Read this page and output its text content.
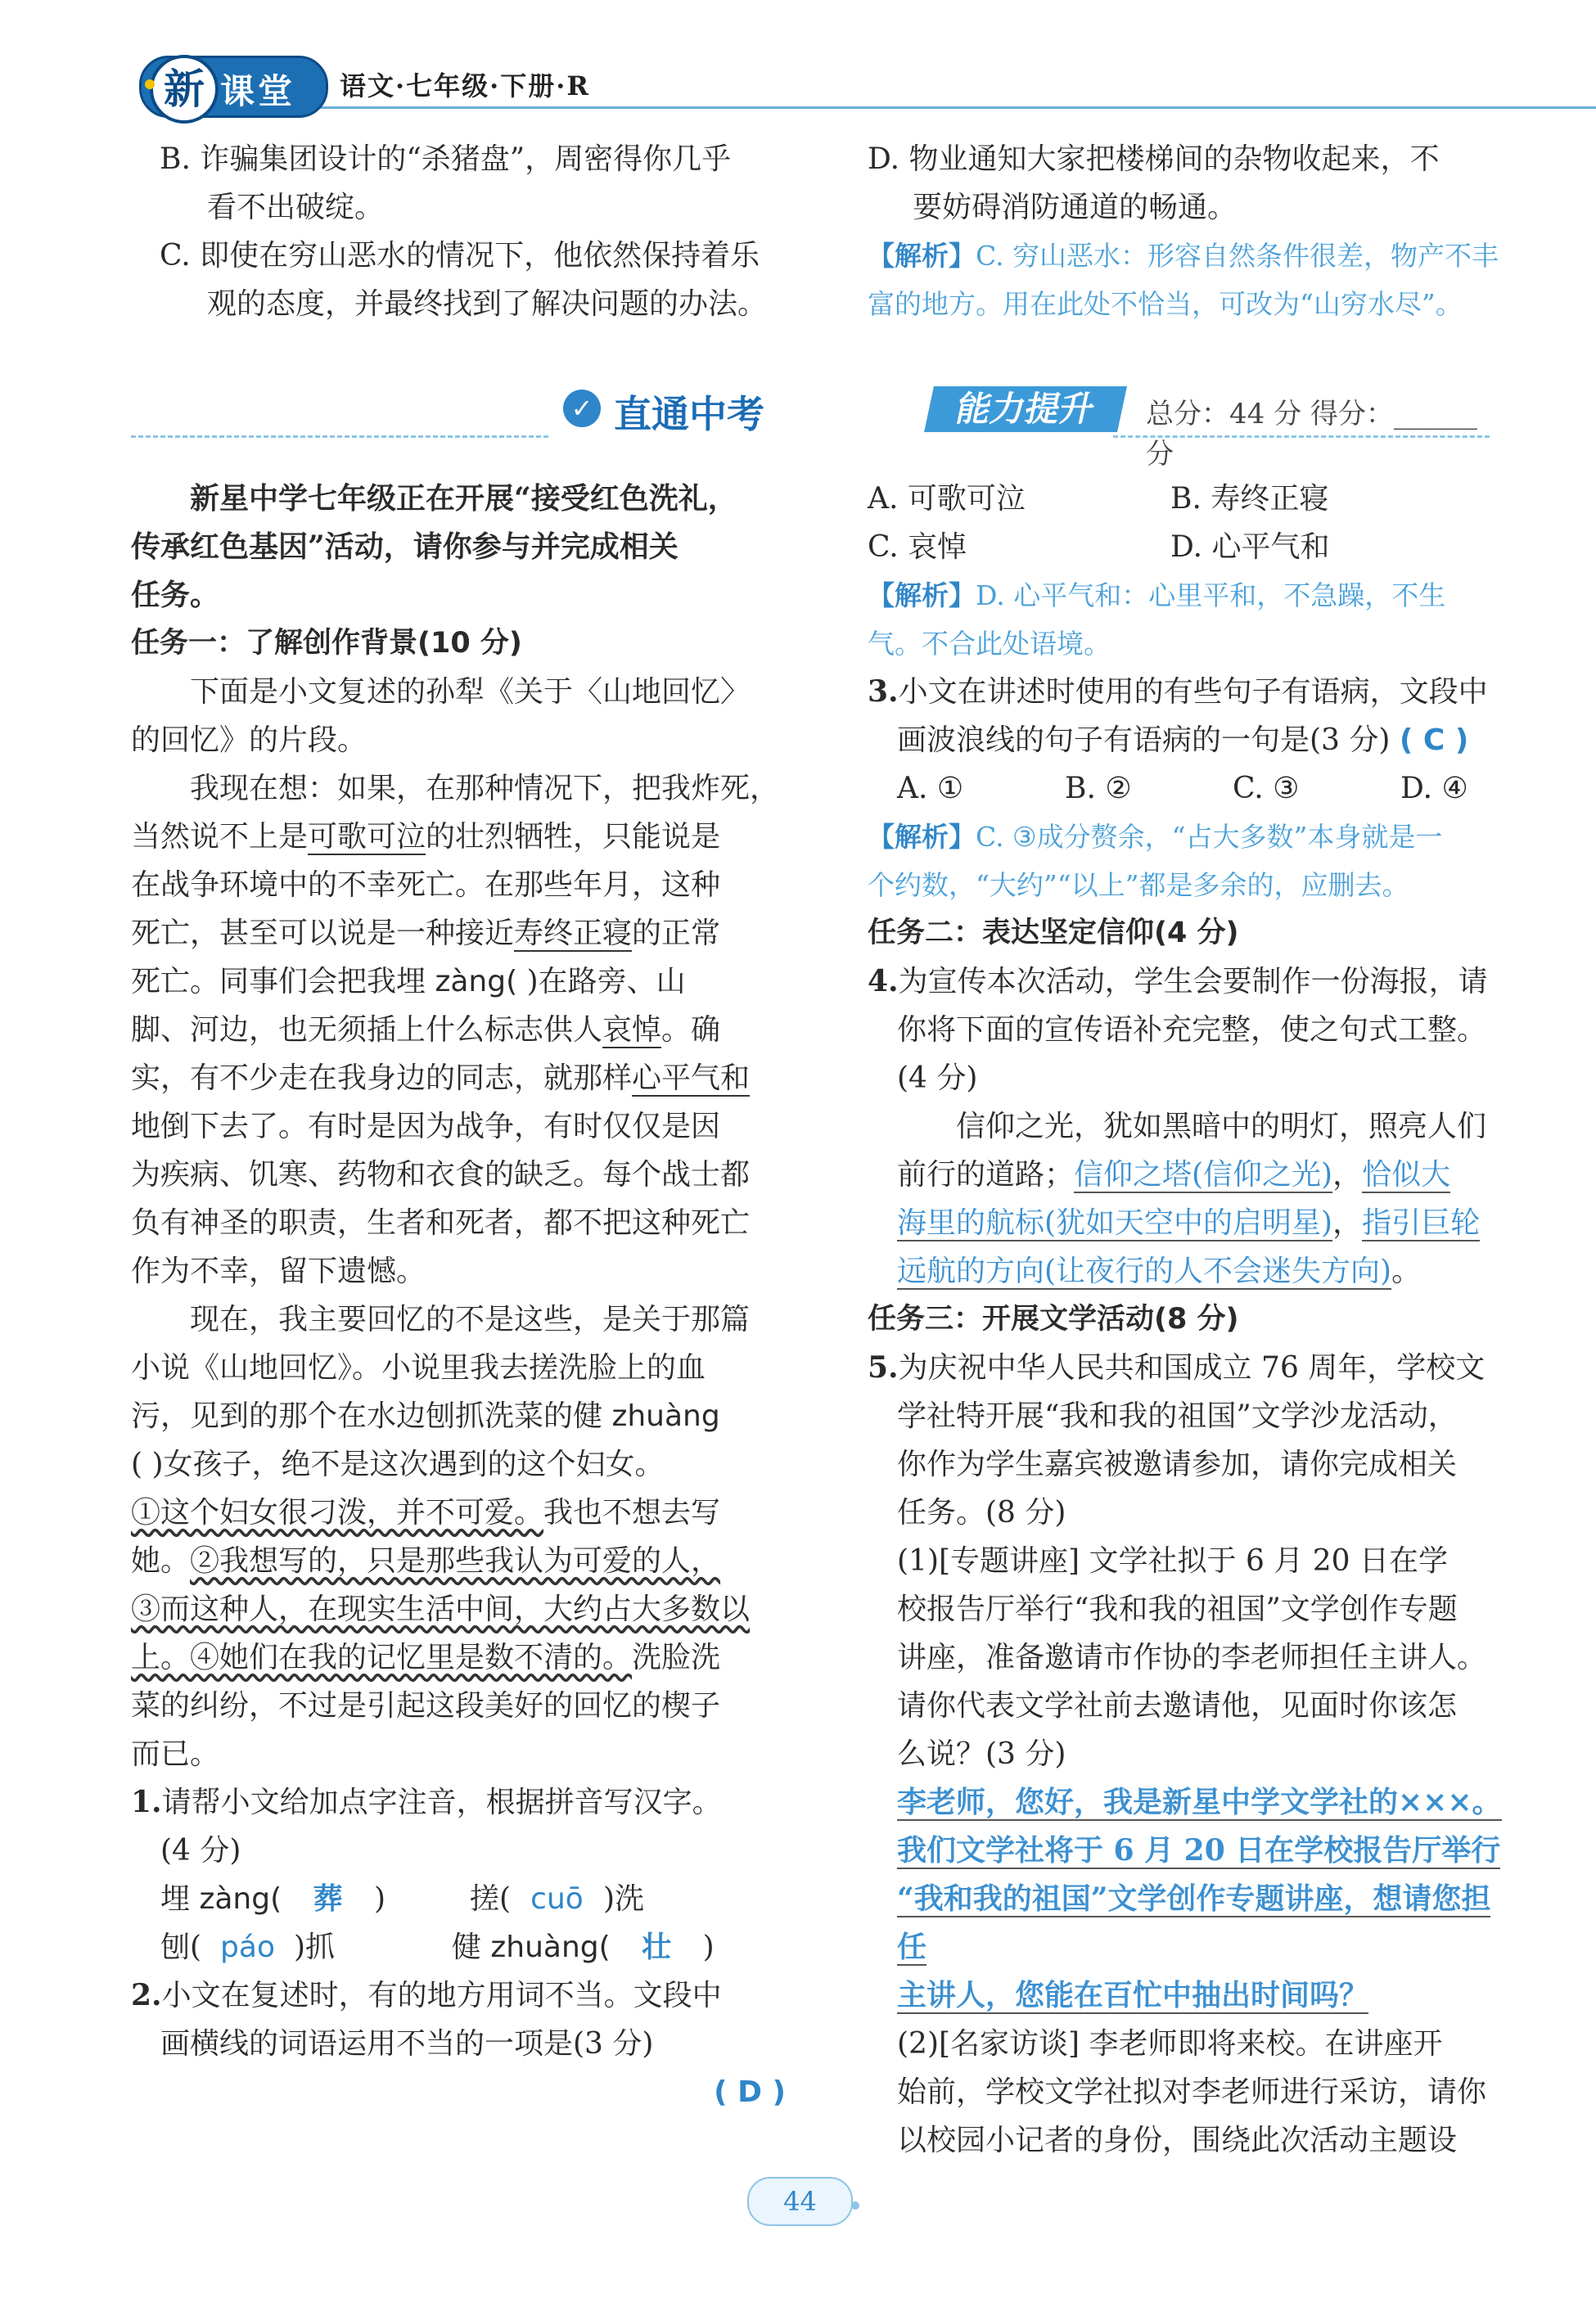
新 课堂 语文·七年级·下册·R

B. 诈骗集团设计的“杀猪盘”，周密得你几乎

看不出破绽。

C. 即使在穷山恶水的情况下，他依然保持着乐

观的态度，并最终找到了解决问题的办法。

D. 物业通知大家把楼梯间的杂物收起来，不

要妨碍消防通道的畅通。

【解析】C. 穷山恶水：形容自然条件很差，物产不丰

富的地方。用在此处不恰当，可改为“山穷水尽”。

✓ 直通中考	能力提升	总分：44 分 得分：______分

新星中学七年级正在开展“接受红色洗礼，

传承红色基因”活动，请你参与并完成相关

任务。

任务一：了解创作背景(10 分)

下面是小文复述的孙犁《关于〈山地回忆〉

的回忆》的片段。

我现在想：如果，在那种情况下，把我炸死，

当然说不上是可歌可泣的壮烈牺牲，只能说是

在战争环境中的不幸死亡。在那些年月，这种

死亡，甚至可以说是一种接近寿终正寝的正常

死亡。同事们会把我埋 zàng( )在路旁、山

脚、河边，也无须插上什么标志供人哀悼。确

实，有不少走在我身边的同志，就那样心平气和

地倒下去了。有时是因为战争，有时仅仅是因

为疾病、饥寒、药物和衣食的缺乏。每个战士都

负有神圣的职责，生者和死者，都不把这种死亡

作为不幸，留下遗憾。

现在，我主要回忆的不是这些，是关于那篇

小说《山地回忆》。小说里我去搓洗脸上的血

污，见到的那个在水边刨抓洗菜的健 zhuàng

( )女孩子，绝不是这次遇到的这个妇女。

①这个妇女很刁泼，并不可爱。我也不想去写

她。②我想写的，只是那些我认为可爱的人，

③而这种人，在现实生活中间，大约占大多数以

上。④她们在我的记忆里是数不清的。洗脸洗

菜的纠纷，不过是引起这段美好的回忆的楔子

而已。

1.请帮小文给加点字注音，根据拼音写汉字。

(4 分)

埋 zàng( 葬 )	搓( cuō )洗

刨( páo )抓	健 zhuàng( 壮 )

2.小文在复述时，有的地方用词不当。文段中

画横线的词语运用不当的一项是(3 分)

( D )

A. 可歌可泣	B. 寿终正寝

C. 哀悼	D. 心平气和

【解析】D. 心平气和：心里平和，不急躁，不生

气。不合此处语境。

3.小文在讲述时使用的有些句子有语病，文段中

画波浪线的句子有语病的一句是(3 分) ( C )

A. ①	B. ②	C. ③	D. ④

【解析】C. ③成分赘余，“占大多数”本身就是一

个约数，“大约”“以上”都是多余的，应删去。

任务二：表达坚定信仰(4 分)

4.为宣传本次活动，学生会要制作一份海报，请

你将下面的宣传语补充完整，使之句式工整。

(4 分)

信仰之光，犹如黑暗中的明灯，照亮人们

前行的道路；信仰之塔(信仰之光)，恰似大

海里的航标(犹如天空中的启明星)，指引巨轮

远航的方向(让夜行的人不会迷失方向)。

任务三：开展文学活动(8 分)

5.为庆祝中华人民共和国成立 76 周年，学校文

学社特开展“我和我的祖国”文学沙龙活动，

你作为学生嘉宾被邀请参加，请你完成相关

任务。(8 分)

(1)[专题讲座] 文学社拟于 6 月 20 日在学

校报告厅举行“我和我的祖国”文学创作专题

讲座，准备邀请市作协的李老师担任主讲人。

请你代表文学社前去邀请他，见面时你该怎

么说？(3 分)

李老师，您好，我是新星中学文学社的×××。

我们文学社将于 6 月 20 日在学校报告厅举行

“我和我的祖国”文学创作专题讲座，想请您担任

主讲人，您能在百忙中抽出时间吗？

(2)[名家访谈] 李老师即将来校。在讲座开

始前，学校文学社拟对李老师进行采访，请你

以校园小记者的身份，围绕此次活动主题设

44
